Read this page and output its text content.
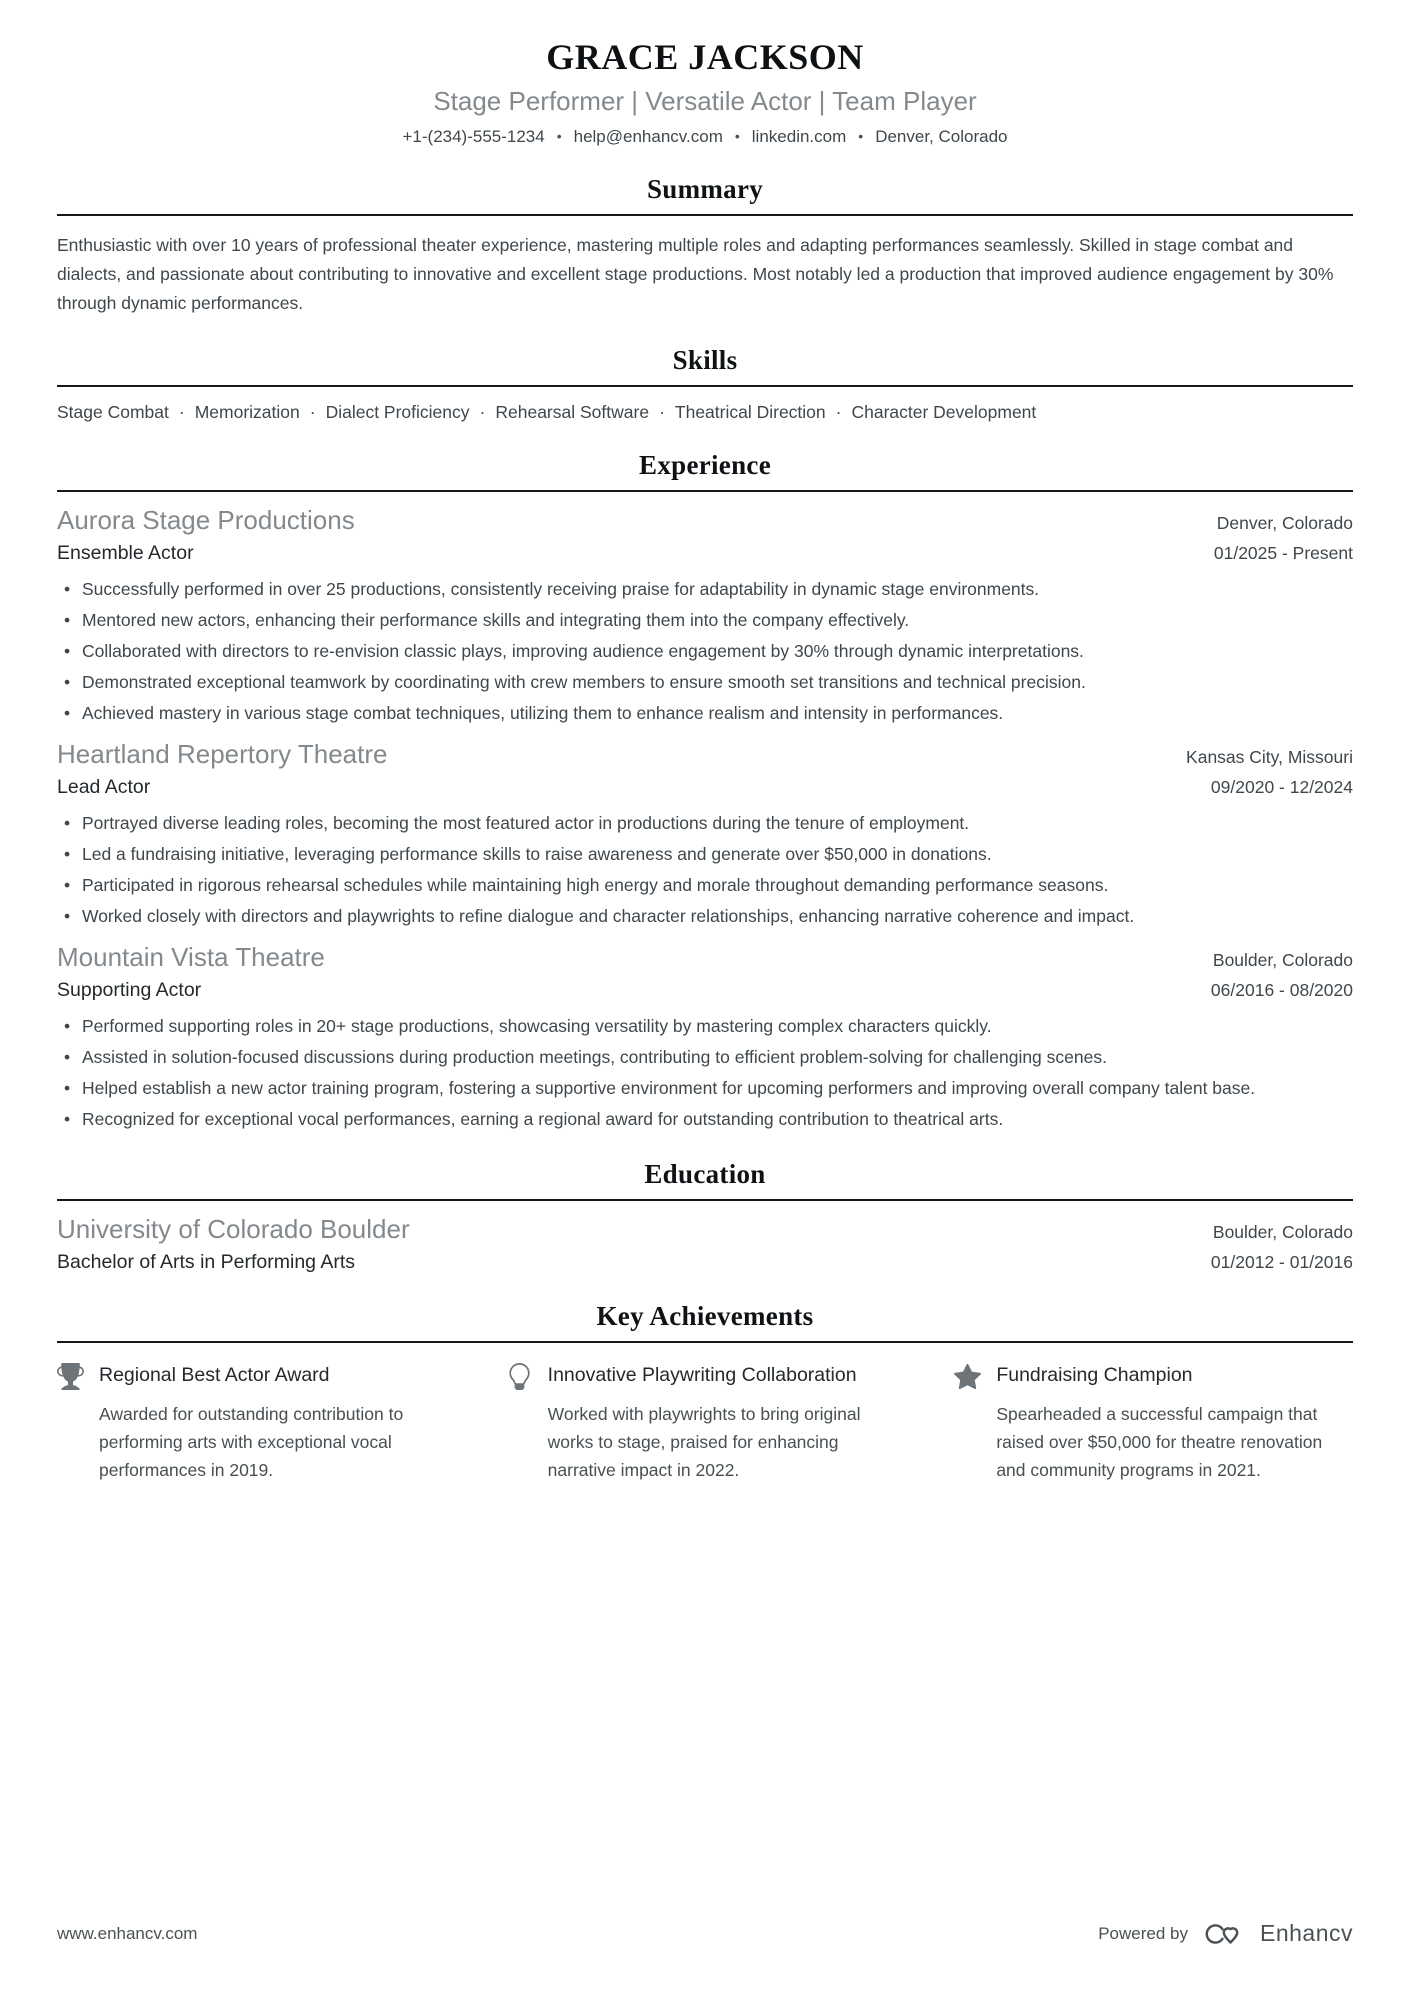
GRACE JACKSON
Stage Performer | Versatile Actor | Team Player
+1-(234)-555-1234 • help@enhancv.com • linkedin.com • Denver, Colorado
Summary

Enthusiastic with over 10 years of professional theater experience, mastering multiple roles and adapting performances seamlessly. Skilled in stage combat and dialects, and passionate about contributing to innovative and excellent stage productions. Most notably led a production that improved audience engagement by 30% through dynamic performances.

Skills
Stage Combat · Memorization · Dialect Proficiency · Rehearsal Software · Theatrical Direction · Character Development
Experience
Aurora Stage Productions	Denver, Colorado
Ensemble Actor	01/2025 - Present
• Successfully performed in over 25 productions, consistently receiving praise for adaptability in dynamic stage environments.
• Mentored new actors, enhancing their performance skills and integrating them into the company effectively.
• Collaborated with directors to re-envision classic plays, improving audience engagement by 30% through dynamic interpretations.
• Demonstrated exceptional teamwork by coordinating with crew members to ensure smooth set transitions and technical precision.
• Achieved mastery in various stage combat techniques, utilizing them to enhance realism and intensity in performances.
Heartland Repertory Theatre	Kansas City, Missouri
Lead Actor	09/2020 - 12/2024
• Portrayed diverse leading roles, becoming the most featured actor in productions during the tenure of employment.
• Led a fundraising initiative, leveraging performance skills to raise awareness and generate over $50,000 in donations.
• Participated in rigorous rehearsal schedules while maintaining high energy and morale throughout demanding performance seasons.
• Worked closely with directors and playwrights to refine dialogue and character relationships, enhancing narrative coherence and impact.
Mountain Vista Theatre	Boulder, Colorado
Supporting Actor	06/2016 - 08/2020
• Performed supporting roles in 20+ stage productions, showcasing versatility by mastering complex characters quickly.
• Assisted in solution-focused discussions during production meetings, contributing to efficient problem-solving for challenging scenes.
• Helped establish a new actor training program, fostering a supportive environment for upcoming performers and improving overall company talent base.
• Recognized for exceptional vocal performances, earning a regional award for outstanding contribution to theatrical arts.
Education
University of Colorado Boulder	Boulder, Colorado
Bachelor of Arts in Performing Arts	01/2012 - 01/2016
Key Achievements
Regional Best Actor Award

Awarded for outstanding contribution to performing arts with exceptional vocal performances in 2019.

Innovative Playwriting Collaboration

Worked with playwrights to bring original works to stage, praised for enhancing narrative impact in 2022.

Fundraising Champion

Spearheaded a successful campaign that raised over $50,000 for theatre renovation and community programs in 2021.

www.enhancv.com	Powered by	Enhancv
